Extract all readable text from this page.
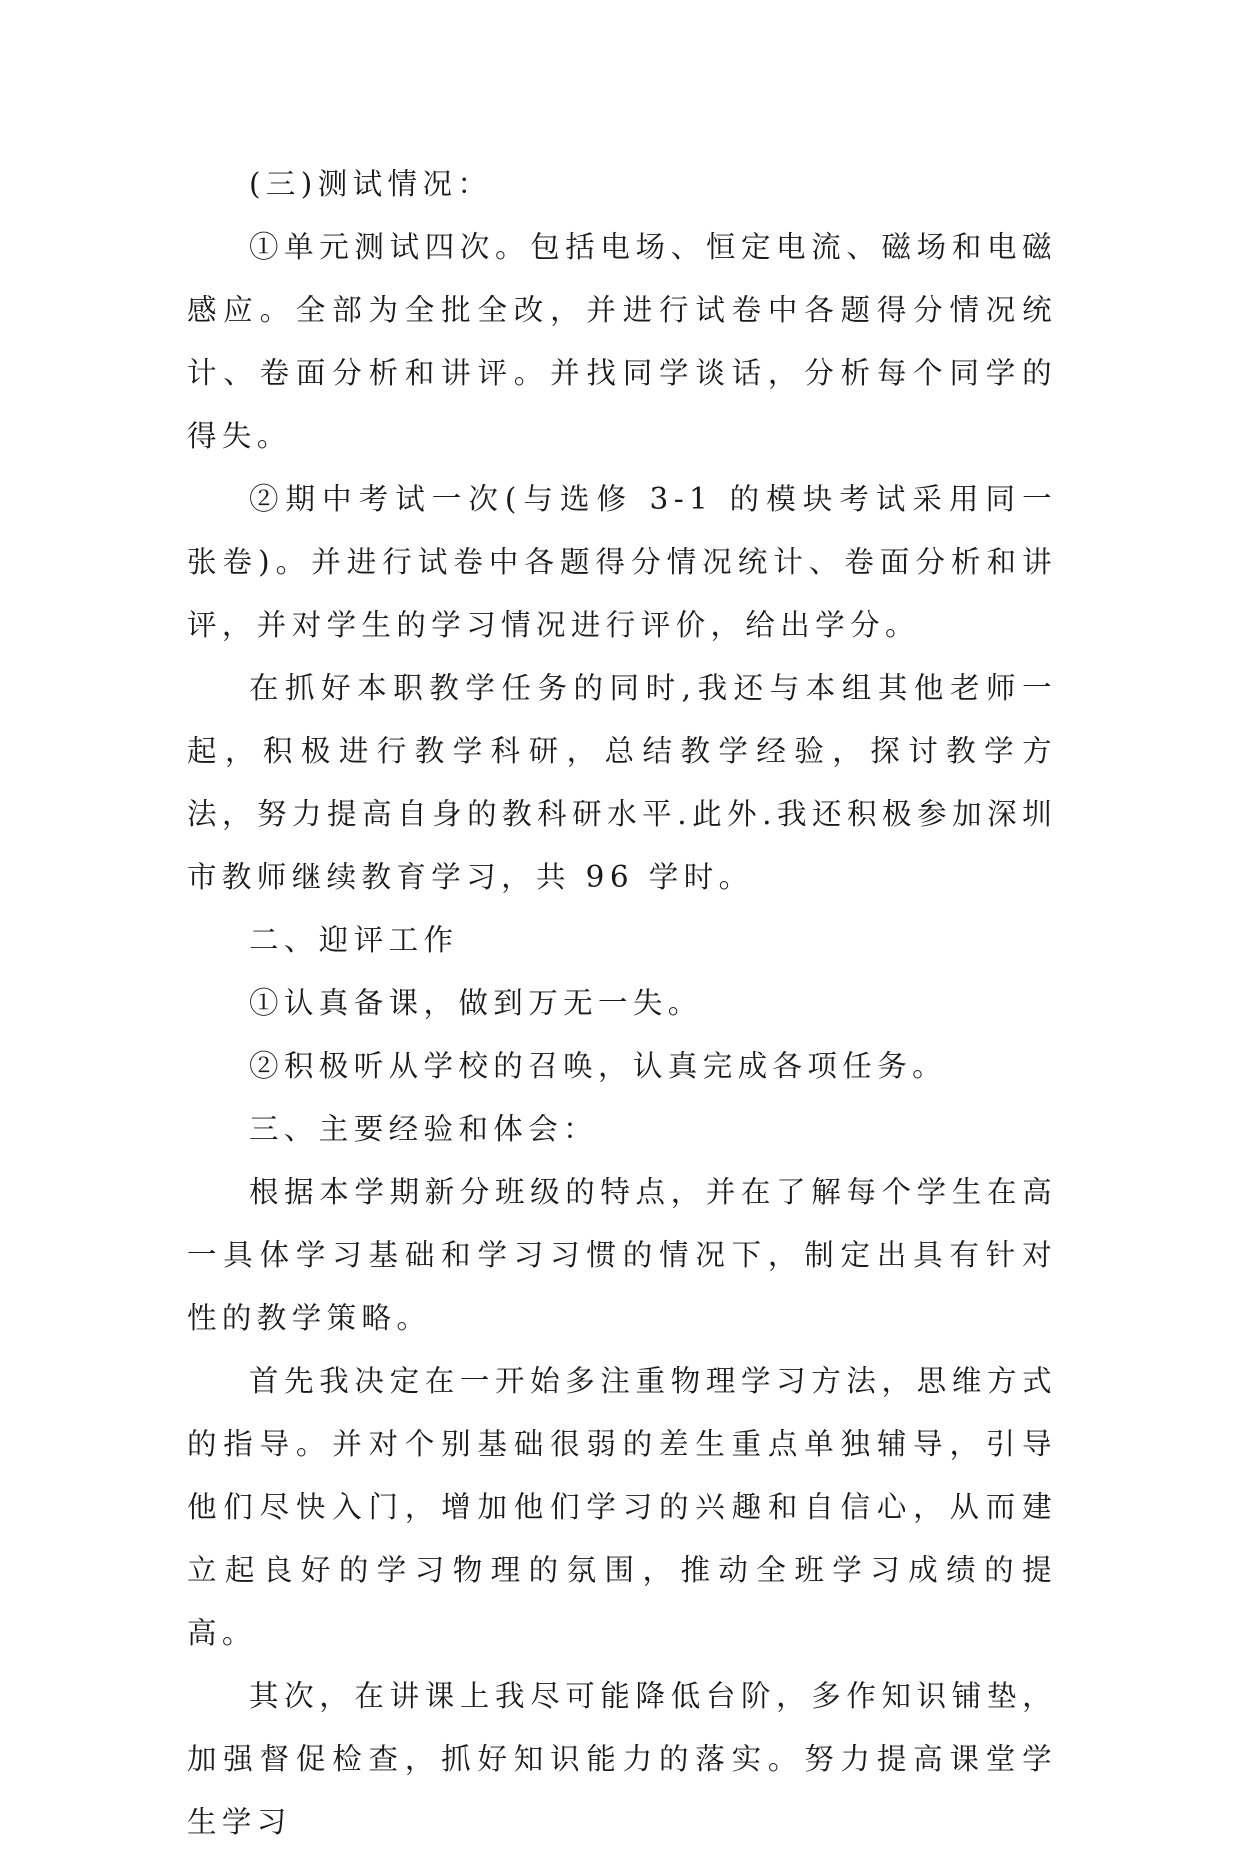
(三)测试情况：

①单元测试四次。包括电场、恒定电流、磁场和电磁感应。全部为全批全改，并进行试卷中各题得分情况统计、卷面分析和讲评。并找同学谈话，分析每个同学的得失。

②期中考试一次(与选修 3-1 的模块考试采用同一张卷)。并进行试卷中各题得分情况统计、卷面分析和讲评，并对学生的学习情况进行评价，给出学分。

在抓好本职教学任务的同时,我还与本组其他老师一起，积极进行教学科研，总结教学经验，探讨教学方法，努力提高自身的教科研水平.此外.我还积极参加深圳市教师继续教育学习，共 96 学时。

二、迎评工作

①认真备课，做到万无一失。

②积极听从学校的召唤，认真完成各项任务。

三、主要经验和体会：

根据本学期新分班级的特点，并在了解每个学生在高一具体学习基础和学习习惯的情况下，制定出具有针对性的教学策略。

首先我决定在一开始多注重物理学习方法，思维方式的指导。并对个别基础很弱的差生重点单独辅导，引导他们尽快入门，增加他们学习的兴趣和自信心，从而建立起良好的学习物理的氛围，推动全班学习成绩的提高。

其次，在讲课上我尽可能降低台阶，多作知识铺垫，加强督促检查，抓好知识能力的落实。努力提高课堂学生学习
